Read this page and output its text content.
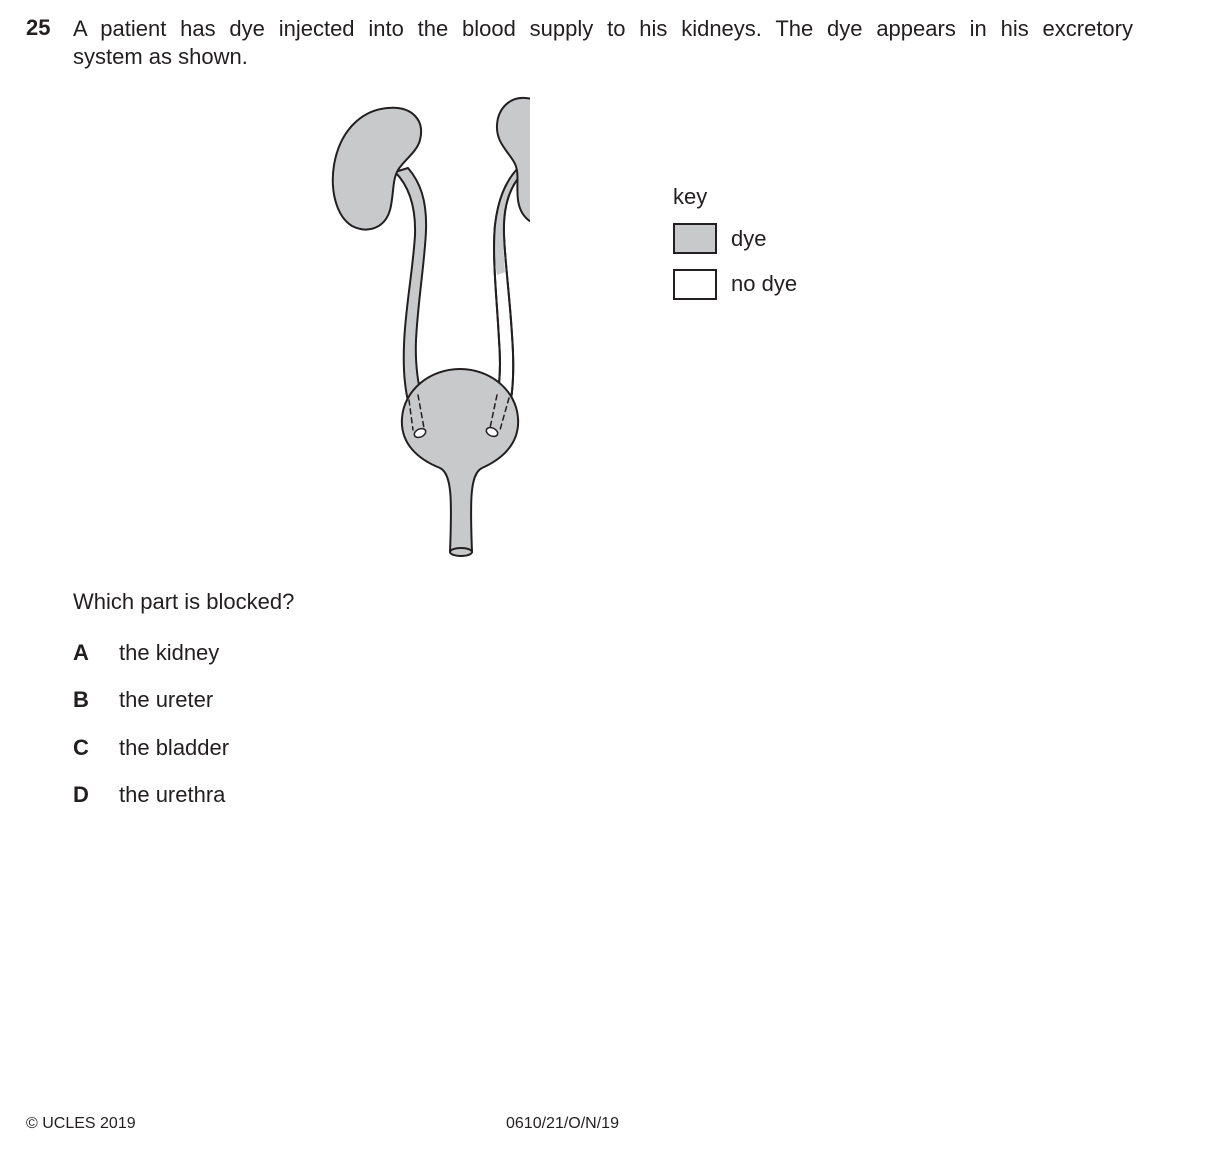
25 A patient has dye injected into the blood supply to his kidneys. The dye appears in his excretory
system as shown.
key
dye
no dye
Which part is blocked?
A the kidney
B the ureter
C the bladder
D the urethra
© UCLES 2019	0610/21/O/N/19
